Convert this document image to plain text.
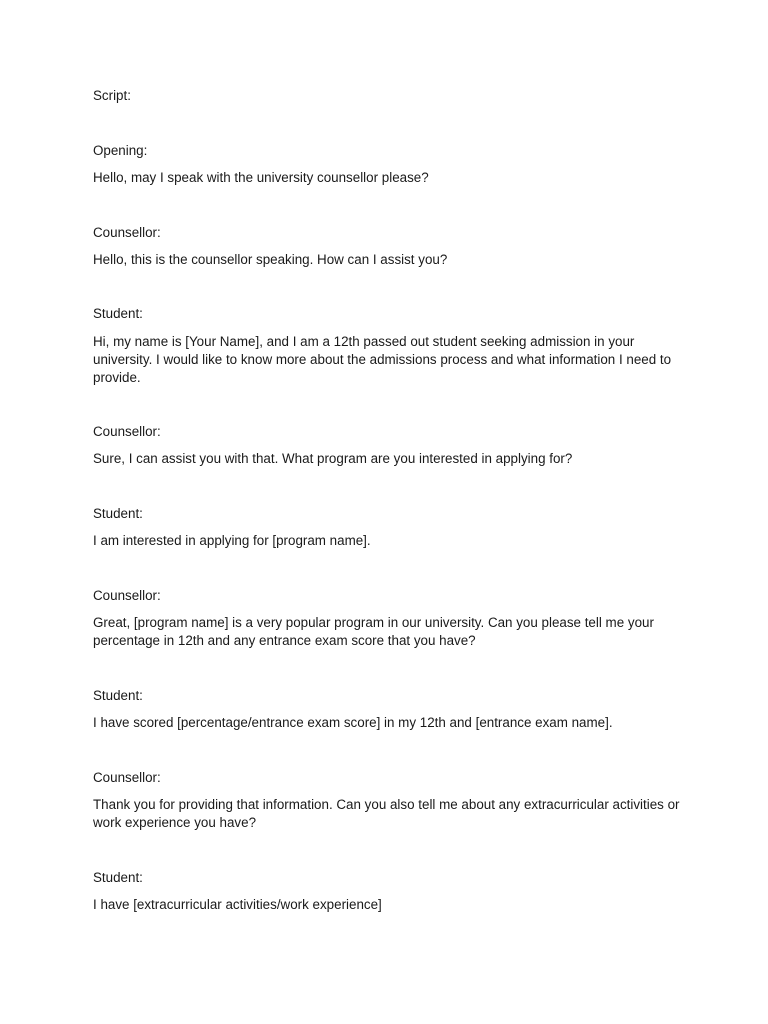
Script:

Opening:

Hello, may I speak with the university counsellor please?

Counsellor:

Hello, this is the counsellor speaking. How can I assist you?

Student:

Hi, my name is [Your Name], and I am a 12th passed out student seeking admission in your university. I would like to know more about the admissions process and what information I need to provide.

Counsellor:

Sure, I can assist you with that. What program are you interested in applying for?

Student:

I am interested in applying for [program name].

Counsellor:

Great, [program name] is a very popular program in our university. Can you please tell me your percentage in 12th and any entrance exam score that you have?

Student:

I have scored [percentage/entrance exam score] in my 12th and [entrance exam name].

Counsellor:

Thank you for providing that information. Can you also tell me about any extracurricular activities or work experience you have?

Student:

I have [extracurricular activities/work experience]
